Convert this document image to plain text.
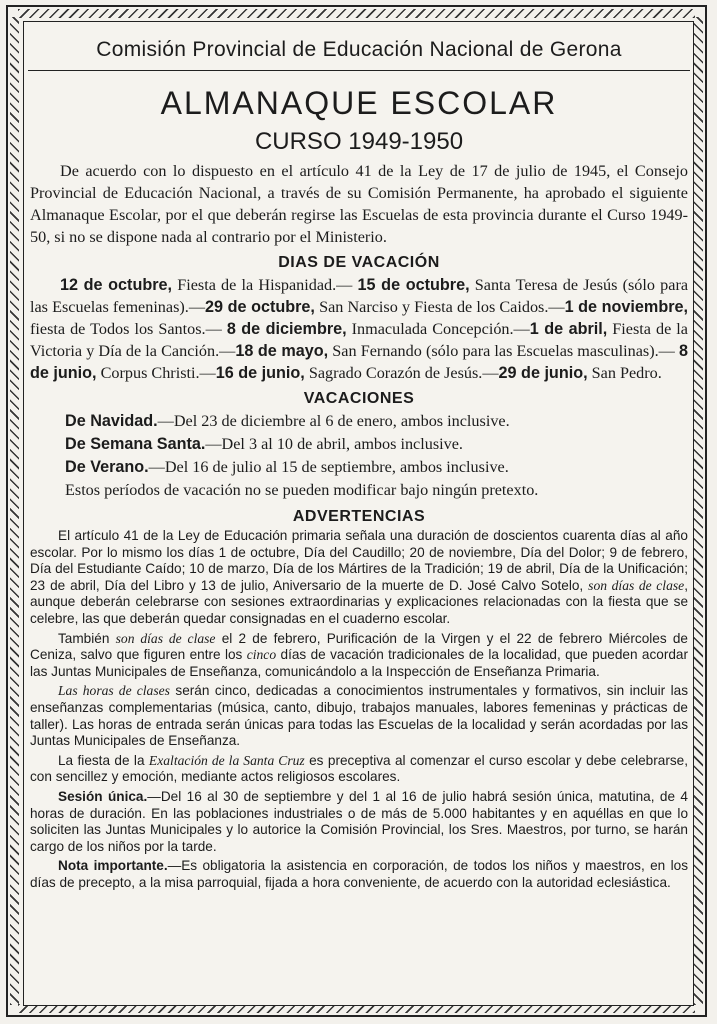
Comisión Provincial de Educación Nacional de Gerona
ALMANAQUE ESCOLAR
CURSO 1949-1950

De acuerdo con lo dispuesto en el artículo 41 de la Ley de 17 de julio de 1945, el Consejo Provincial de Educación Nacional, a través de su Comisión Permanente, ha aprobado el siguiente Almanaque Escolar, por el que deberán regirse las Escuelas de esta provincia durante el Curso 1949-50, si no se dispone nada al contrario por el Ministerio.

DIAS DE VACACIÓN

12 de octubre, Fiesta de la Hispanidad.— 15 de octubre, Santa Teresa de Jesús (sólo para las Escuelas femeninas).—29 de octubre, San Narciso y Fiesta de los Caidos.—1 de noviembre, fiesta de Todos los Santos.— 8 de diciembre, Inmaculada Concepción.—1 de abril, Fiesta de la Victoria y Día de la Canción.—18 de mayo, San Fernando (sólo para las Escuelas masculinas).— 8 de junio, Corpus Christi.—16 de junio, Sagrado Corazón de Jesús.—29 de junio, San Pedro.

VACACIONES
De Navidad.—Del 23 de diciembre al 6 de enero, ambos inclusive.
De Semana Santa.—Del 3 al 10 de abril, ambos inclusive.
De Verano.—Del 16 de julio al 15 de septiembre, ambos inclusive.
Estos períodos de vacación no se pueden modificar bajo ningún pretexto.
ADVERTENCIAS

El artículo 41 de la Ley de Educación primaria señala una duración de doscientos cuarenta días al año escolar. Por lo mismo los días 1 de octubre, Día del Caudillo; 20 de noviembre, Día del Dolor; 9 de febrero, Día del Estudiante Caído; 10 de marzo, Día de los Mártires de la Tradición; 19 de abril, Día de la Unificación; 23 de abril, Día del Libro y 13 de julio, Aniversario de la muerte de D. José Calvo Sotelo, son días de clase, aunque deberán celebrarse con sesiones extraordinarias y explicaciones relacionadas con la fiesta que se celebre, las que deberán quedar consignadas en el cuaderno escolar.

También son días de clase el 2 de febrero, Purificación de la Virgen y el 22 de febrero Miércoles de Ceniza, salvo que figuren entre los cinco días de vacación tradicionales de la localidad, que pueden acordar las Juntas Municipales de Enseñanza, comunicándolo a la Inspección de Enseñanza Primaria.

Las horas de clases serán cinco, dedicadas a conocimientos instrumentales y formativos, sin incluir las enseñanzas complementarias (música, canto, dibujo, trabajos manuales, labores femeninas y prácticas de taller). Las horas de entrada serán únicas para todas las Escuelas de la localidad y serán acordadas por las Juntas Municipales de Enseñanza.

La fiesta de la Exaltación de la Santa Cruz es preceptiva al comenzar el curso escolar y debe celebrarse, con sencillez y emoción, mediante actos religiosos escolares.

Sesión única.—Del 16 al 30 de septiembre y del 1 al 16 de julio habrá sesión única, matutina, de 4 horas de duración. En las poblaciones industriales o de más de 5.000 habitantes y en aquéllas en que lo soliciten las Juntas Municipales y lo autorice la Comisión Provincial, los Sres. Maestros, por turno, se harán cargo de los niños por la tarde.

Nota importante.—Es obligatoria la asistencia en corporación, de todos los niños y maestros, en los días de precepto, a la misa parroquial, fijada a hora conveniente, de acuerdo con la autoridad eclesiástica.
